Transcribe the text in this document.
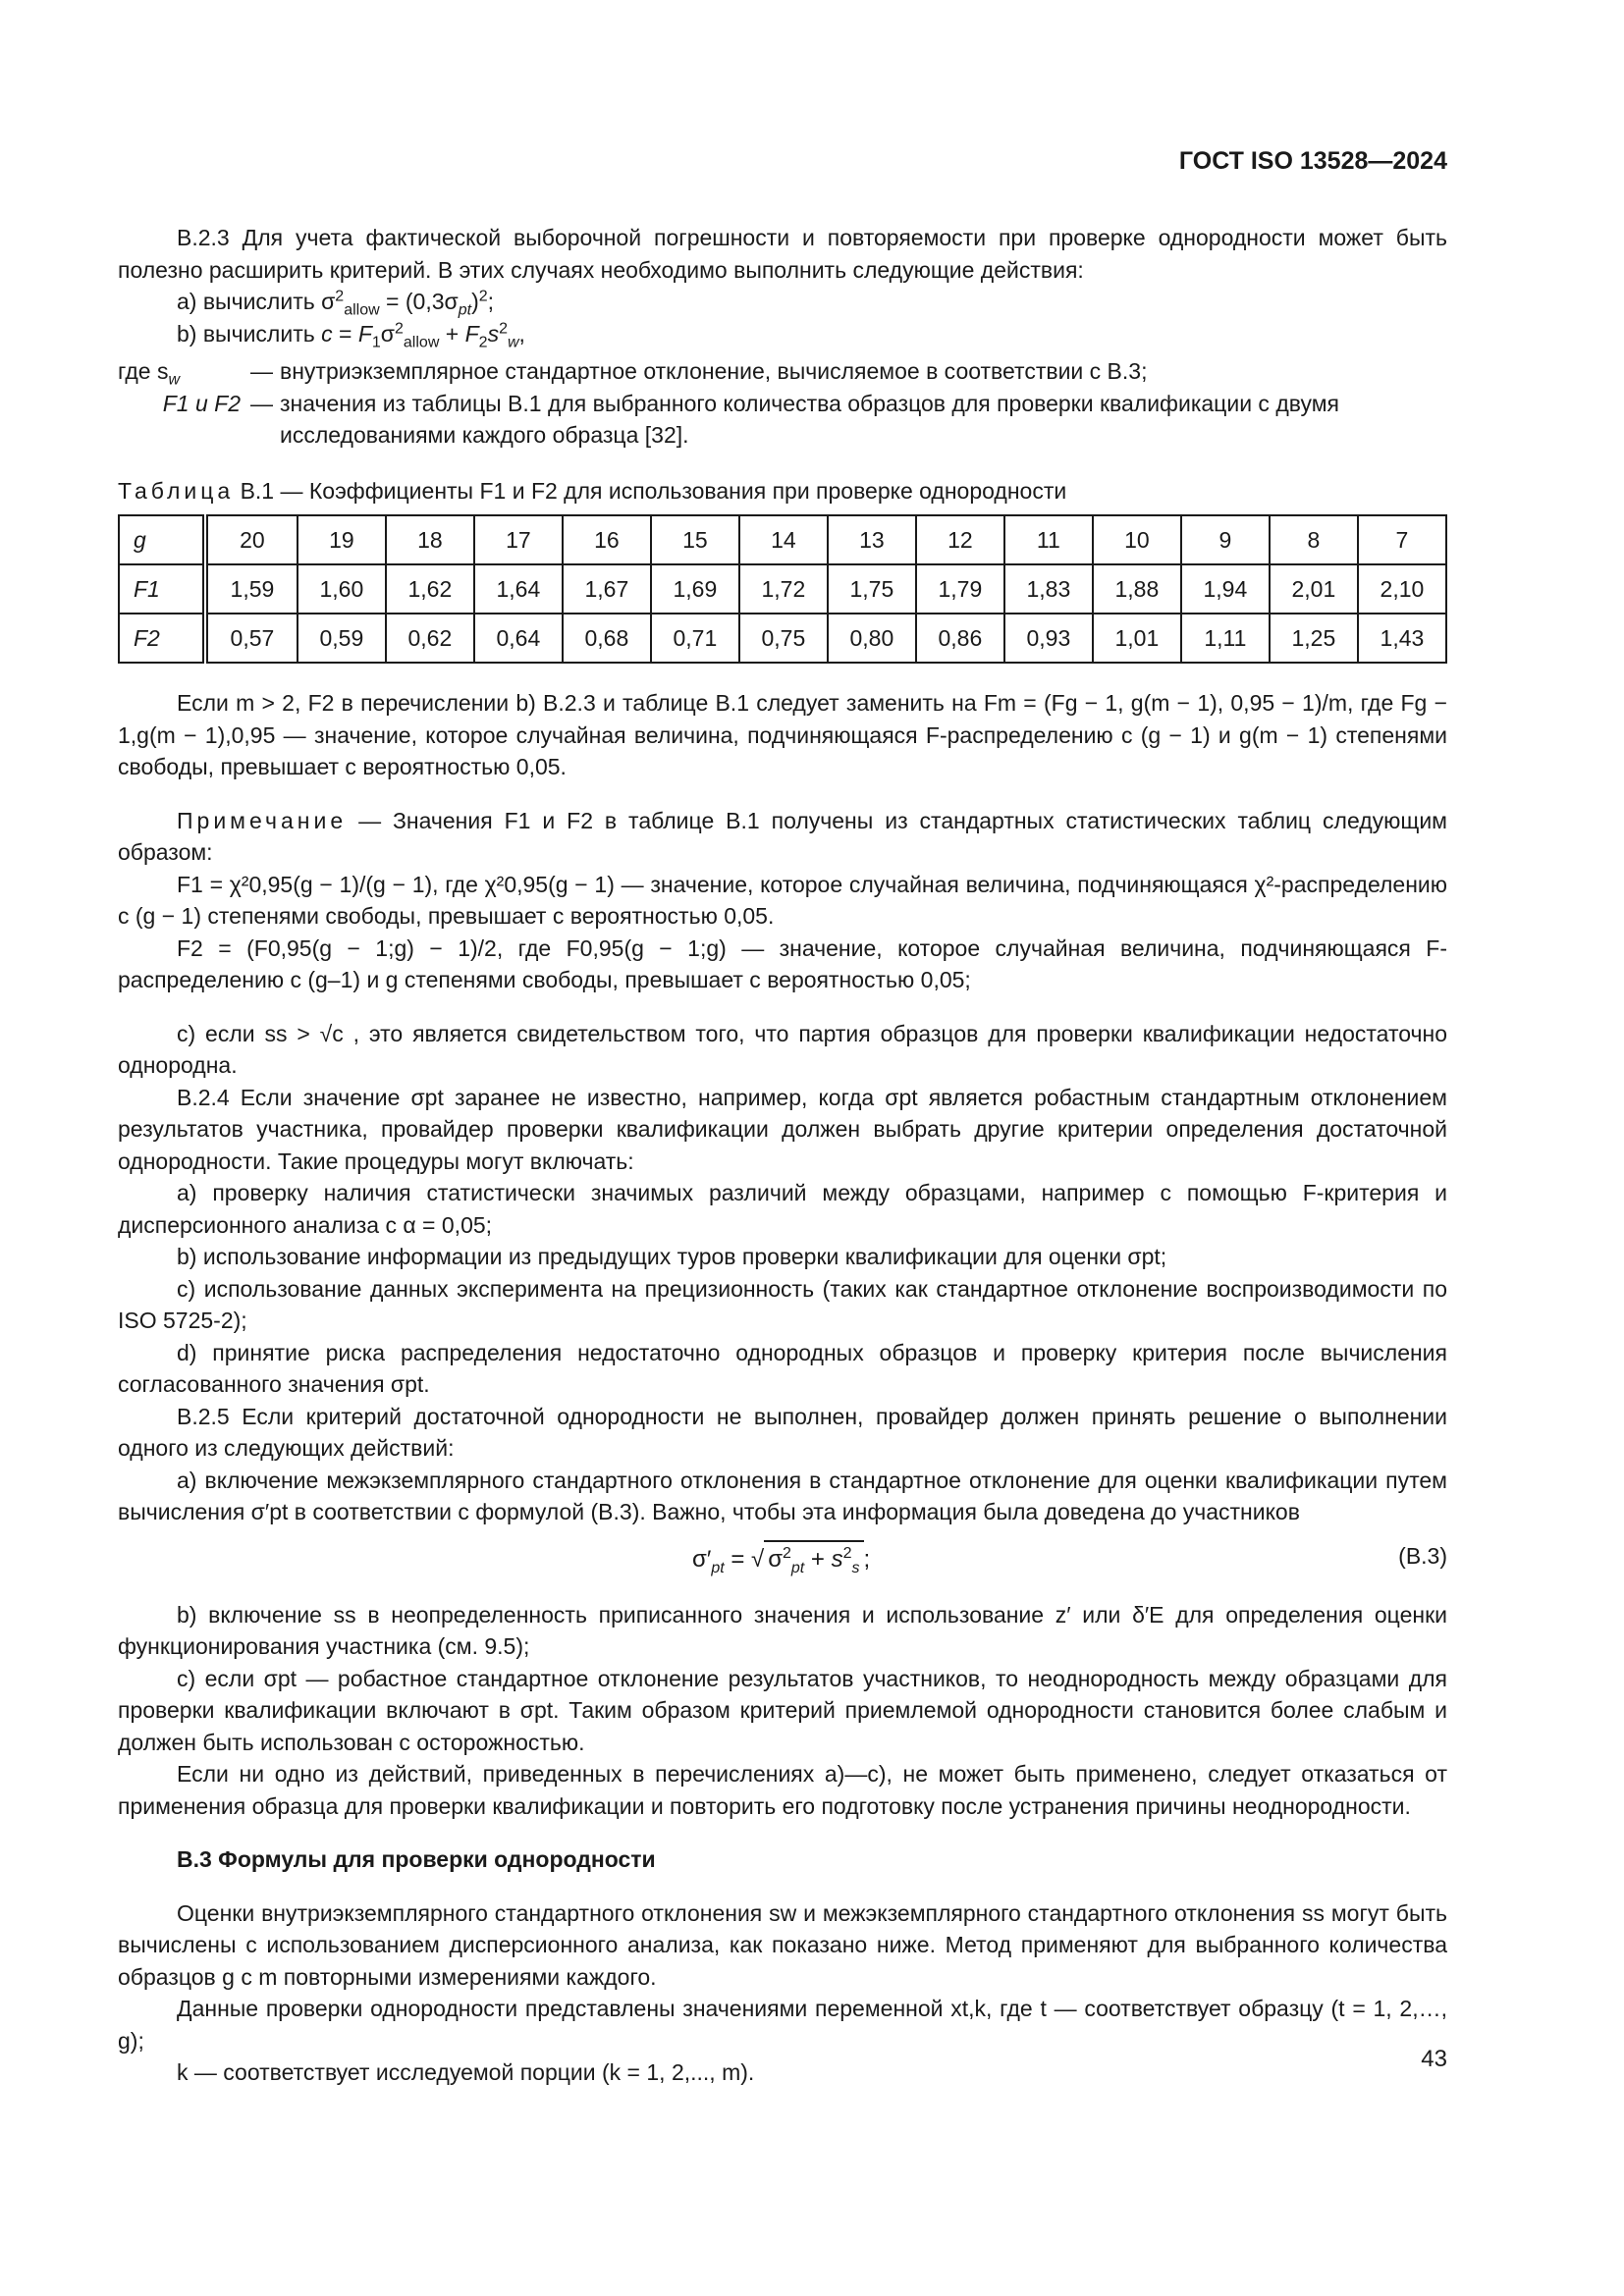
ГОСТ ISO 13528—2024

В.2.3 Для учета фактической выборочной погрешности и повторяемости при проверке однородности может быть полезно расширить критерий. В этих случаях необходимо выполнить следующие действия:

a) вычислить $\sigma^2_{allow} = (0,3\sigma_{pt})^2$;

b) вычислить $c = F_1\sigma^2_{allow} + F_2s^2_w$,

где $s_w$	— внутриэкземплярное стандартное отклонение, вычисляемое в соответствии с В.3;
F1 и F2 — значения из таблицы В.1 для выбранного количества образцов для проверки квалификации с двумя исследованиями каждого образца [32].

Таблица В.1 — Коэффициенты F1 и F2 для использования при проверке однородности

g	20	19	18	17	16	15	14	13	12	11	10	9	8	7
F1	1,59	1,60	1,62	1,64	1,67	1,69	1,72	1,75	1,79	1,83	1,88	1,94	2,01	2,10
F2	0,57	0,59	0,62	0,64	0,68	0,71	0,75	0,80	0,86	0,93	1,01	1,11	1,25	1,43

Если m > 2, F2 в перечислении b) В.2.3 и таблице В.1 следует заменить на Fm = (Fg − 1, g(m − 1), 0,95 − 1)/m, где Fg − 1,g(m − 1),0,95 — значение, которое случайная величина, подчиняющаяся F-распределению с (g − 1) и g(m − 1) степенями свободы, превышает с вероятностью 0,05.

Примечание — Значения F1 и F2 в таблице В.1 получены из стандартных статистических таблиц следующим образом:

F1 = χ²0,95(g − 1)/(g − 1), где χ²0,95(g − 1) — значение, которое случайная величина, подчиняющаяся χ²-распределению с (g − 1) степенями свободы, превышает с вероятностью 0,05.

F2 = (F0,95(g − 1;g) − 1)/2, где F0,95(g − 1;g) — значение, которое случайная величина, подчиняющаяся F-распределению с (g–1) и g степенями свободы, превышает с вероятностью 0,05;

c) если ss > √c , это является свидетельством того, что партия образцов для проверки квалификации недостаточно однородна.

В.2.4 Если значение σpt заранее не известно, например, когда σpt является робастным стандартным отклонением результатов участника, провайдер проверки квалификации должен выбрать другие критерии определения достаточной однородности. Такие процедуры могут включать:

a) проверку наличия статистически значимых различий между образцами, например с помощью F-критерия и дисперсионного анализа с α = 0,05;

b) использование информации из предыдущих туров проверки квалификации для оценки σpt;

c) использование данных эксперимента на прецизионность (таких как стандартное отклонение воспроизводимости по ISO 5725-2);

d) принятие риска распределения недостаточно однородных образцов и проверку критерия после вычисления согласованного значения σpt.

В.2.5 Если критерий достаточной однородности не выполнен, провайдер должен принять решение о выполнении одного из следующих действий:

a) включение межэкземплярного стандартного отклонения в стандартное отклонение для оценки квалификации путем вычисления σ′pt в соответствии с формулой (В.3). Важно, чтобы эта информация была доведена до участников

$\sigma'_{pt}$ = √ $\sigma^2_{pt} + s^2_s$ ;	(В.3)

b) включение ss в неопределенность приписанного значения и использование z′ или δ′E для определения оценки функционирования участника (см. 9.5);

c) если σpt — робастное стандартное отклонение результатов участников, то неоднородность между образцами для проверки квалификации включают в σpt. Таким образом критерий приемлемой однородности становится более слабым и должен быть использован с осторожностью.

Если ни одно из действий, приведенных в перечислениях a)—c), не может быть применено, следует отказаться от применения образца для проверки квалификации и повторить его подготовку после устранения причины неоднородности.

В.3 Формулы для проверки однородности

Оценки внутриэкземплярного стандартного отклонения sw и межэкземплярного стандартного отклонения ss могут быть вычислены с использованием дисперсионного анализа, как показано ниже. Метод применяют для выбранного количества образцов g с m повторными измерениями каждого.

Данные проверки однородности представлены значениями переменной xt,k, где t — соответствует образцу (t = 1, 2,…, g);

k — соответствует исследуемой порции (k = 1, 2,..., m).	43
